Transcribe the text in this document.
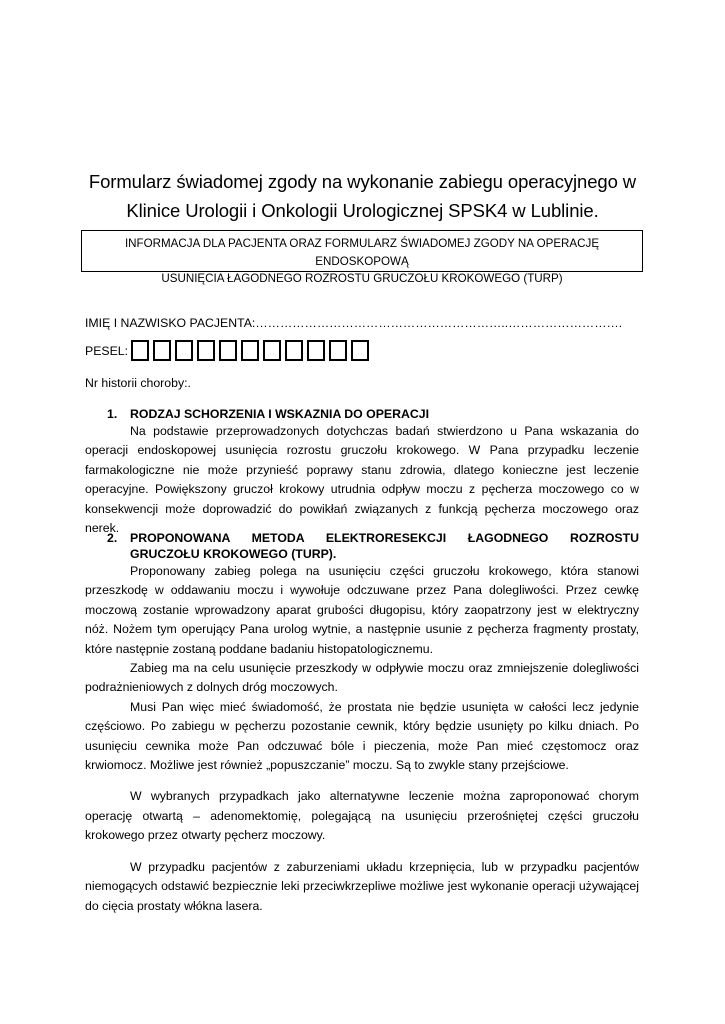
Formularz świadomej zgody na wykonanie zabiegu operacyjnego w
Klinice Urologii i Onkologii Urologicznej SPSK4 w Lublinie.
INFORMACJA DLA PACJENTA ORAZ FORMULARZ ŚWIADOMEJ ZGODY NA OPERACJĘ ENDOSKOPOWĄ
USUNIĘCIA ŁAGODNEGO ROZROSTU GRUCZOŁU KROKOWEGO (TURP)
IMIĘ I NAZWISKO PACJENTA:……………………………………………………..……………………….
PESEL:
Nr historii choroby:.
1.	RODZAJ SCHORZENIA I WSKAZNIA DO OPERACJI

Na podstawie przeprowadzonych dotychczas badań stwierdzono u Pana wskazania do operacji endoskopowej usunięcia rozrostu gruczołu krokowego. W Pana przypadku leczenie farmakologiczne nie może przynieść poprawy stanu zdrowia, dlatego konieczne jest leczenie operacyjne. Powiększony gruczoł krokowy utrudnia odpływ moczu z pęcherza moczowego co w konsekwencji może doprowadzić do powikłań związanych z funkcją pęcherza moczowego oraz nerek.

2.	PROPONOWANA METODA ELEKTRORESEKCJI ŁAGODNEGO ROZROSTU GRUCZOŁU KROKOWEGO (TURP).

Proponowany zabieg polega na usunięciu części gruczołu krokowego, która stanowi przeszkodę w oddawaniu moczu i wywołuje odczuwane przez Pana dolegliwości. Przez cewkę moczową zostanie wprowadzony aparat grubości długopisu, który zaopatrzony jest w elektryczny nóż. Nożem tym operujący Pana urolog wytnie, a następnie usunie z pęcherza fragmenty prostaty, które następnie zostaną poddane badaniu histopatologicznemu.

Zabieg ma na celu usunięcie przeszkody w odpływie moczu oraz zmniejszenie dolegliwości podrażnieniowych z dolnych dróg moczowych.

Musi Pan więc mieć świadomość, że prostata nie będzie usunięta w całości lecz jedynie częściowo. Po zabiegu w pęcherzu pozostanie cewnik, który będzie usunięty po kilku dniach. Po usunięciu cewnika może Pan odczuwać bóle i pieczenia, może Pan mieć częstomocz oraz krwiomocz. Możliwe jest również „popuszczanie” moczu. Są to zwykle stany przejściowe.

W wybranych przypadkach jako alternatywne leczenie można zaproponować chorym operację otwartą – adenomektomię, polegającą na usunięciu przerośniętej części gruczołu krokowego przez otwarty pęcherz moczowy.

W przypadku pacjentów z zaburzeniami układu krzepnięcia, lub w przypadku pacjentów niemogących odstawić bezpiecznie leki przeciwkrzepliwe możliwe jest wykonanie operacji używającej do cięcia prostaty włókna lasera.
